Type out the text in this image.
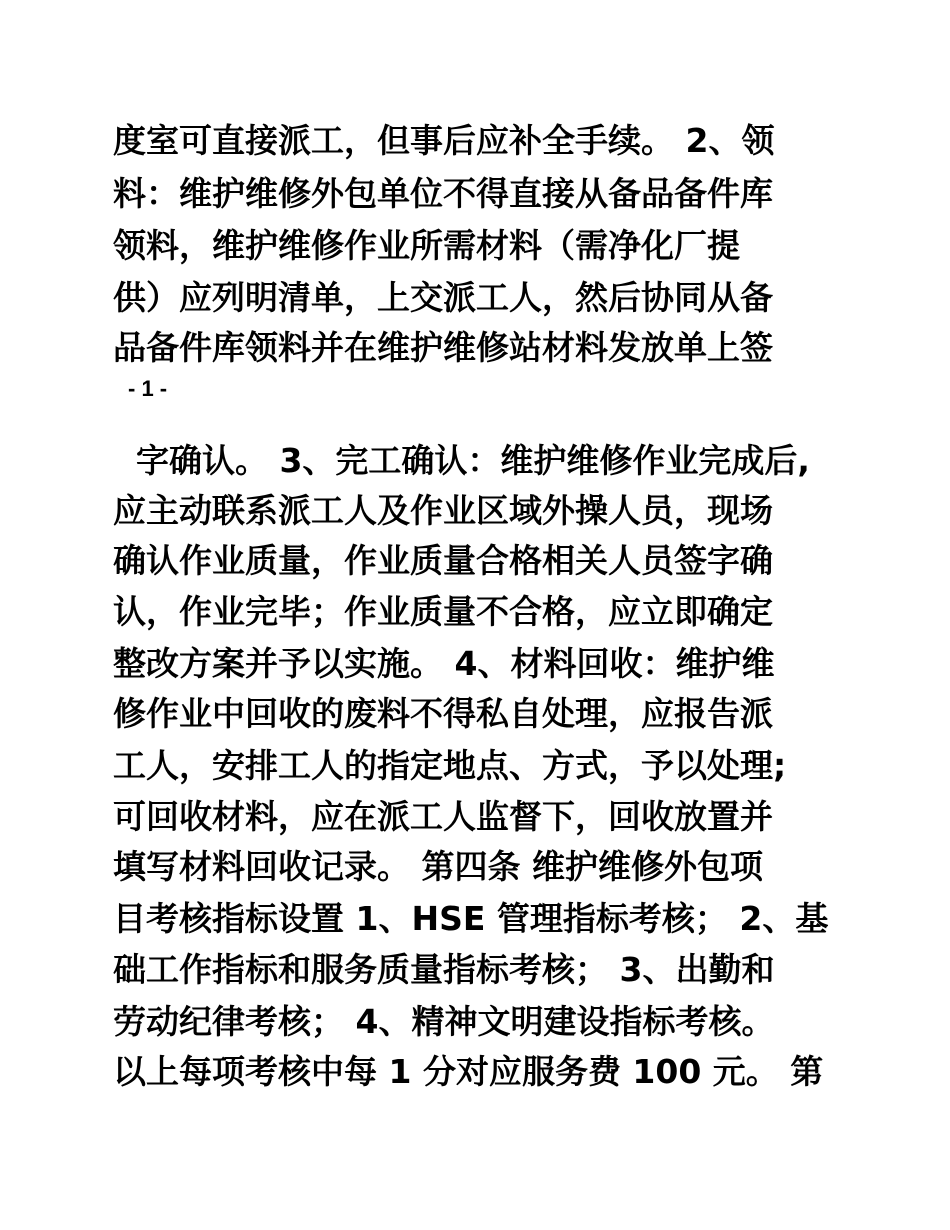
度室可直接派工，但事后应补全手续。 2、领
料：维护维修外包单位不得直接从备品备件库
领料，维护维修作业所需材料（需净化厂提
供）应列明清单，上交派工人，然后协同从备
品备件库领料并在维护维修站材料发放单上签
- 1 -
字确认。 3、完工确认：维护维修作业完成后,
应主动联系派工人及作业区域外操人员，现场
确认作业质量，作业质量合格相关人员签字确
认，作业完毕；作业质量不合格，应立即确定
整改方案并予以实施。 4、材料回收：维护维
修作业中回收的废料不得私自处理，应报告派
工人，安排工人的指定地点、方式，予以处理;
可回收材料，应在派工人监督下，回收放置并
填写材料回收记录。 第四条 维护维修外包项
目考核指标设置 1、HSE 管理指标考核； 2、基
础工作指标和服务质量指标考核； 3、出勤和
劳动纪律考核； 4、精神文明建设指标考核。
以上每项考核中每 1 分对应服务费 100 元。 第
